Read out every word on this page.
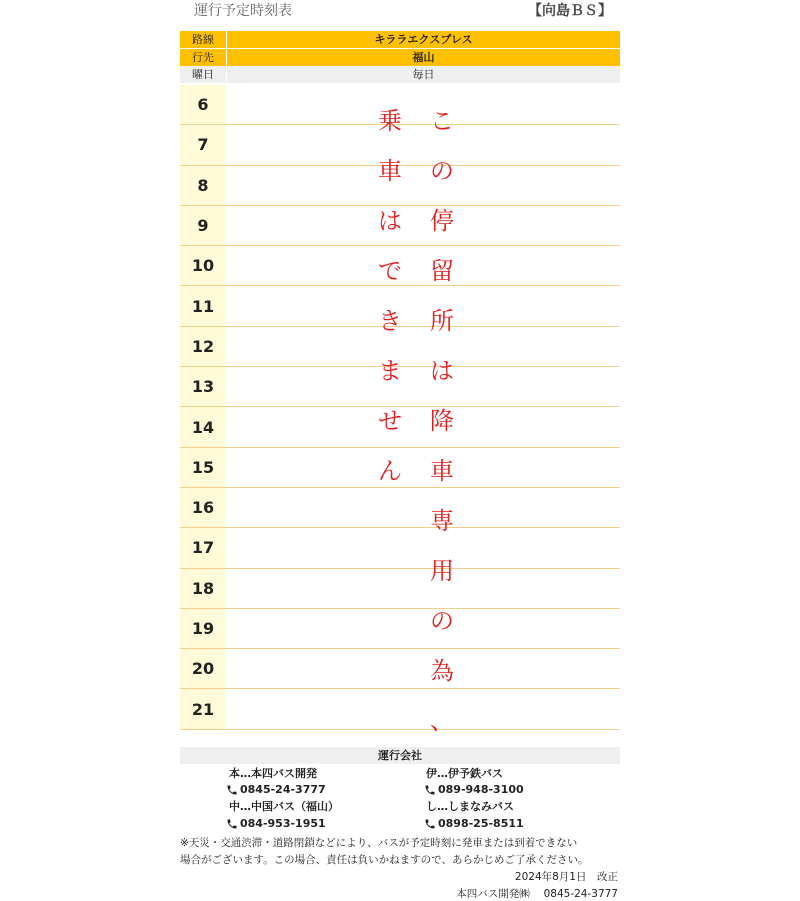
運行予定時刻表	【向島ＢＳ】
路線	キララエクスプレス
行先	福山
曜日	毎日
6
7
8
9
10
11
12
13
14
15
16
17
18
19
20
21
こ
の
停
留
所
は
降
車
専
用
の
為
、
乗
車
は
で
き
ま
せ
ん
運行会社
本…本四バス開発
0845-24-3777
伊…伊予鉄バス
089-948-3100
中…中国バス（福山）
084-953-1951
し…しまなみバス
0898-25-8511
※天災・交通渋滞・道路閉鎖などにより、バスが予定時刻に発車または到着できない
場合がございます。この場合、責任は負いかねますので、あらかじめご了承ください。
2024年8月1日　改正
本四バス開発㈱　 0845-24-3777
